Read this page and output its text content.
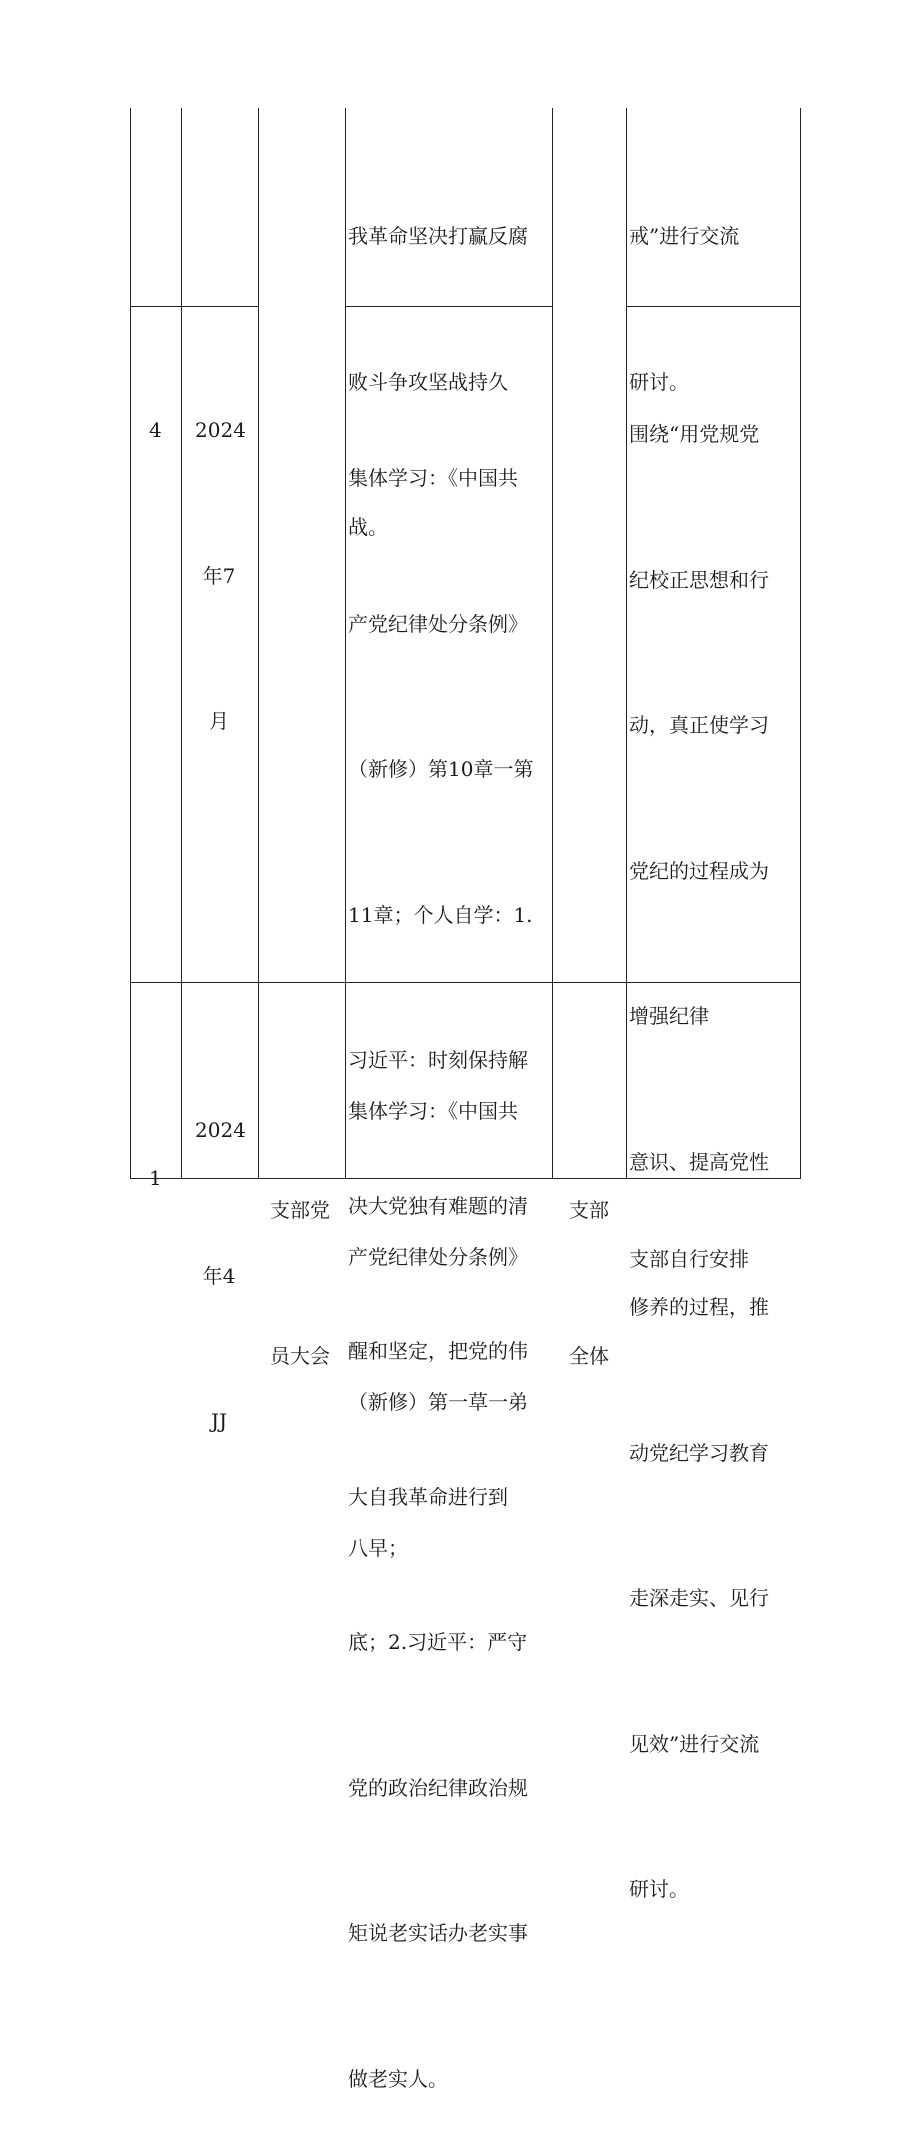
我革命坚决打赢反腐

败斗争攻坚战持久

战。

戒”进行交流

研讨。

4

2024

年7

月

集体学习：《中国共

产党纪律处分条例》

（新修）第10章一第

11章；个人自学：1.

习近平：时刻保持解

决大党独有难题的清

醒和坚定，把党的伟

大自我革命进行到

底；2.习近平：严守

党的政治纪律政治规

矩说老实话办老实事

做老实人。

围绕“用党规党

纪校正思想和行

动，真正使学习

党纪的过程成为

增强纪律

意识、提高党性

修养的过程，推

动党纪学习教育

走深走实、见行

见效”进行交流

研讨。

1

2024

年4

JJ

支部党

员大会

集体学习：《中国共

产党纪律处分条例》

（新修）第一草一弟

八早；

支部

全体

支部自行安排
